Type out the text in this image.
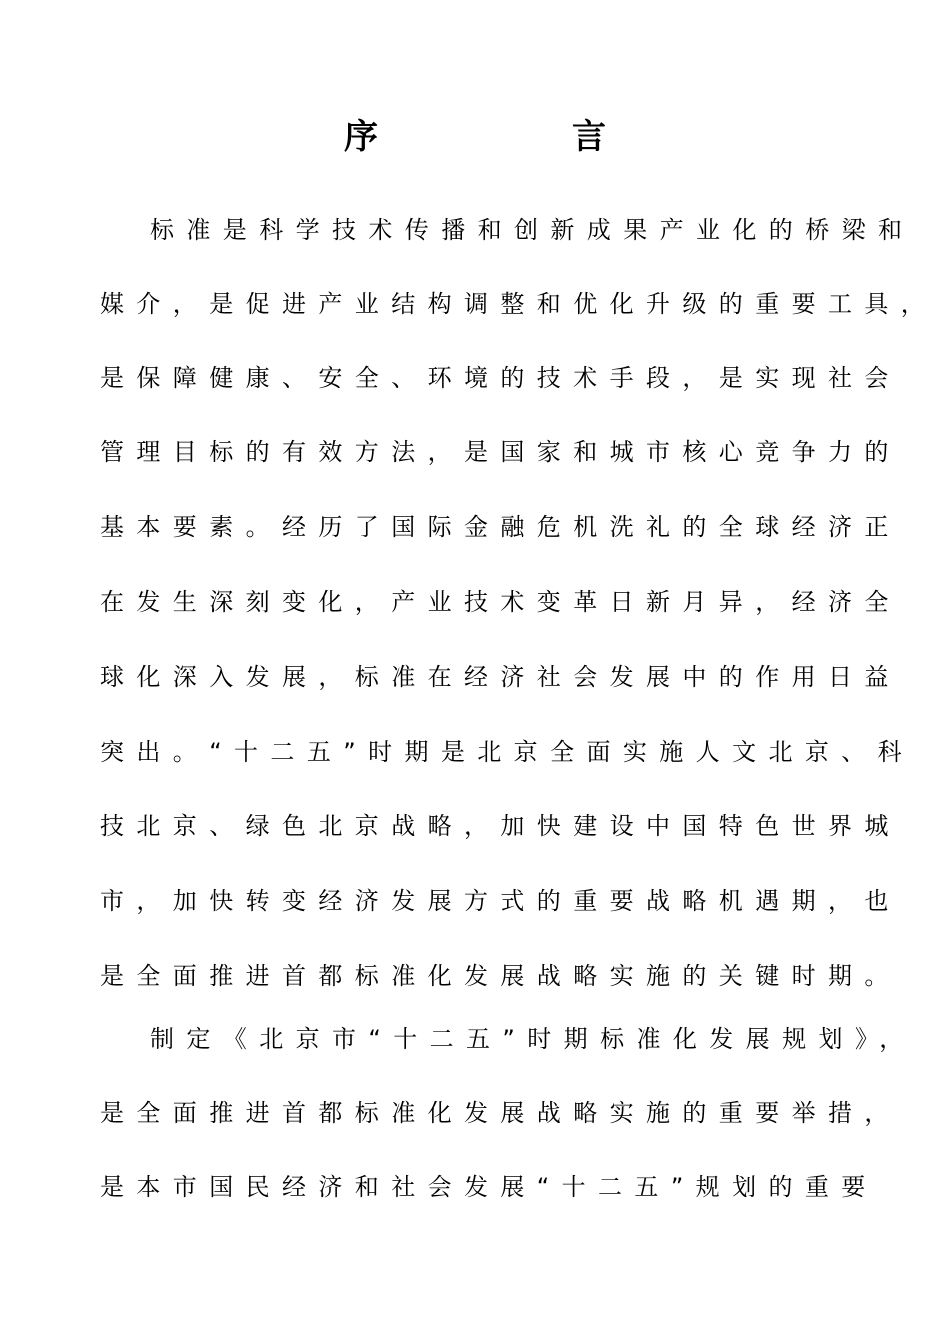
序　言
标准是科学技术传播和创新成果产业化的桥梁和
媒介，是促进产业结构调整和优化升级的重要工具，
是保障健康、安全、环境的技术手段，是实现社会
管理目标的有效方法，是国家和城市核心竞争力的
基本要素。经历了国际金融危机洗礼的全球经济正
在发生深刻变化，产业技术变革日新月异，经济全
球化深入发展，标准在经济社会发展中的作用日益
突出。“十二五”时期是北京全面实施人文北京、科
技北京、绿色北京战略，加快建设中国特色世界城
市，加快转变经济发展方式的重要战略机遇期，也
是全面推进首都标准化发展战略实施的关键时期。
制定《北京市“十二五”时期标准化发展规划》，
是全面推进首都标准化发展战略实施的重要举措，
是本市国民经济和社会发展“十二五”规划的重要
